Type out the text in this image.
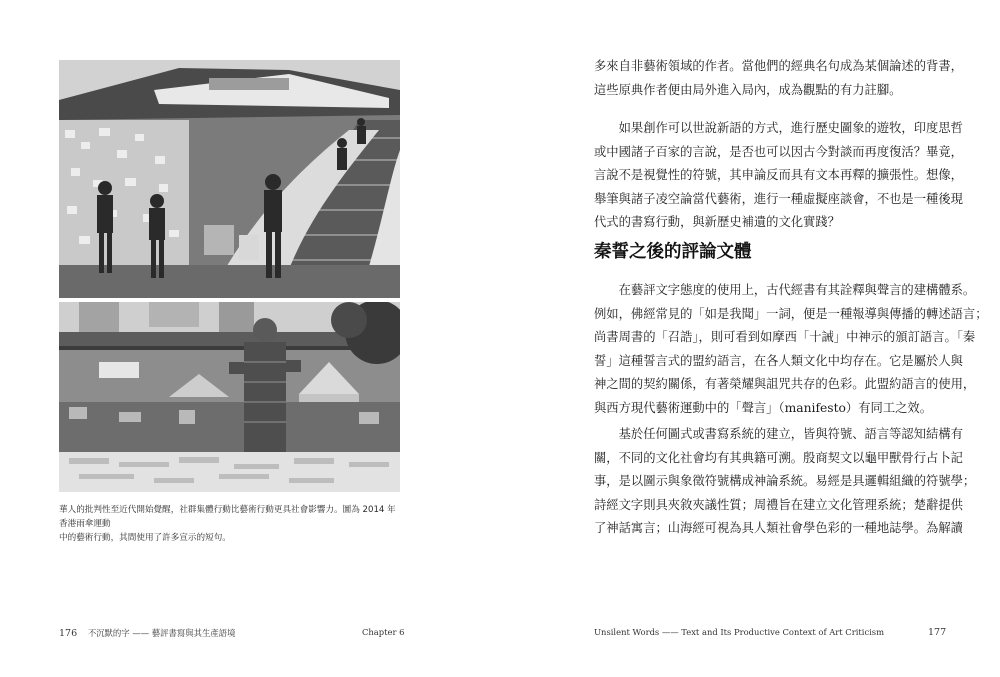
華人的批判性至近代開始覺醒，社群集體行動比藝術行動更具社會影響力。圖為 2014 年香港雨傘運動
中的藝術行動，其間使用了許多宣示的短句。
176 不沉默的字 —— 藝評書寫與其生產語境	Chapter 6

多來自非藝術領域的作者。當他們的經典名句成為某個論述的背書，
這些原典作者便由局外進入局內，成為觀點的有力註腳。

　　如果創作可以世說新語的方式，進行歷史圖象的遊牧，印度思哲
或中國諸子百家的言說，是否也可以因古今對談而再度復活？畢竟，
言說不是視覺性的符號，其申論反而具有文本再釋的擴張性。想像，
舉筆與諸子凌空論當代藝術，進行一種虛擬座談會，不也是一種後現
代式的書寫行動，與新歷史補遺的文化實踐？

秦誓之後的評論文體

　　在藝評文字態度的使用上，古代經書有其詮釋與聲言的建構體系。
例如，佛經常見的「如是我聞」一詞，便是一種報導與傳播的轉述語言；
尚書周書的「召誥」，則可看到如摩西「十誡」中神示的頒訂語言。「秦
誓」這種誓言式的盟約語言，在各人類文化中均存在。它是屬於人與
神之間的契約關係，有著榮耀與詛咒共存的色彩。此盟約語言的使用，
與西方現代藝術運動中的「聲言」（manifesto）有同工之效。

　　基於任何圖式或書寫系統的建立，皆與符號、語言等認知結構有
關，不同的文化社會均有其典籍可溯。殷商契文以龜甲獸骨行占卜記
事，是以圖示與象徵符號構成神論系統。易經是具邏輯組織的符號學；
詩經文字則具夾敘夾議性質；周禮旨在建立文化管理系統；楚辭提供
了神話寓言；山海經可視為具人類社會學色彩的一種地誌學。為解讀

Unsilent Words —— Text and Its Productive Context of Art Criticism	177
